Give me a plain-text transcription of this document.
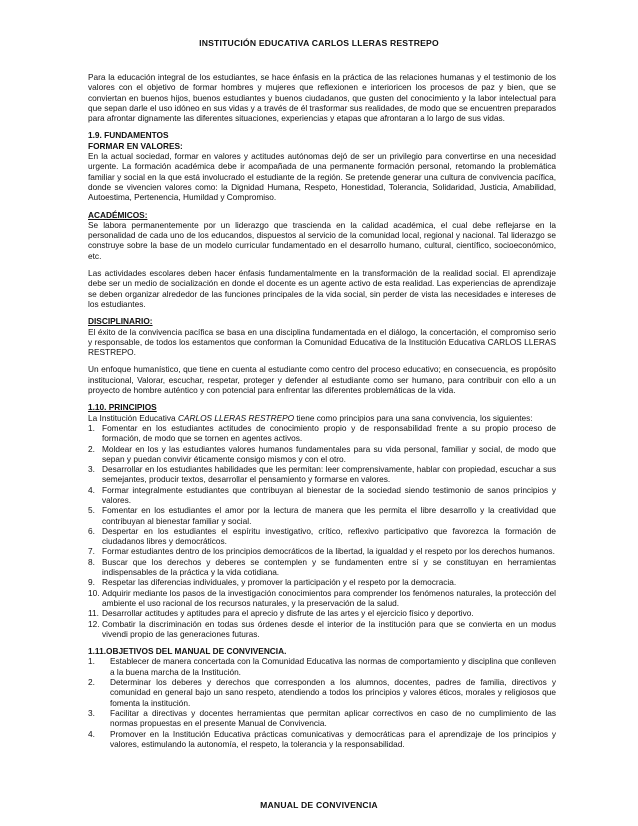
INSTITUCIÓN EDUCATIVA CARLOS LLERAS RESTREPO

Para la educación integral de los estudiantes, se hace énfasis en la práctica de las relaciones humanas y el testimonio de los valores con el objetivo de formar hombres y mujeres que reflexionen e interioricen los procesos de paz y bien, que se conviertan en buenos hijos, buenos estudiantes y buenos ciudadanos, que gusten del conocimiento y la labor intelectual para que sepan darle el uso idóneo en sus vidas y a través de él trasformar sus realidades, de modo que se encuentren preparados para afrontar dignamente las diferentes situaciones, experiencias y etapas que afrontaran a lo largo de sus vidas.

1.9. FUNDAMENTOS
FORMAR EN VALORES:

En la actual sociedad, formar en valores y actitudes autónomas dejó de ser un privilegio para convertirse en una necesidad urgente. La formación académica debe ir acompañada de una permanente formación personal, retomando la problemática familiar y social en la que está involucrado el estudiante de la región. Se pretende generar una cultura de convivencia pacífica, donde se vivencien valores como: la Dignidad Humana, Respeto, Honestidad, Tolerancia, Solidaridad, Justicia, Amabilidad, Autoestima, Pertenencia, Humildad y Compromiso.

ACADÉMICOS:

Se labora permanentemente por un liderazgo que trascienda en la calidad académica, el cual debe reflejarse en la personalidad de cada uno de los educandos, dispuestos al servicio de la comunidad local, regional y nacional. Tal liderazgo se construye sobre la base de un modelo curricular fundamentado en el desarrollo humano, cultural, científico, socioeconómico, etc.

Las actividades escolares deben hacer énfasis fundamentalmente en la transformación de la realidad social. El aprendizaje debe ser un medio de socialización en donde el docente es un agente activo de esta realidad. Las experiencias de aprendizaje se deben organizar alrededor de las funciones principales de la vida social, sin perder de vista las necesidades e intereses de los estudiantes.

DISCIPLINARIO:

El éxito de la convivencia pacífica se basa en una disciplina fundamentada en el diálogo, la concertación, el compromiso serio y responsable, de todos los estamentos que conforman la Comunidad Educativa de la Institución Educativa CARLOS LLERAS RESTREPO.

Un enfoque humanístico, que tiene en cuenta al estudiante como centro del proceso educativo; en consecuencia, es propósito institucional, Valorar, escuchar, respetar, proteger y defender al estudiante como ser humano, para contribuir con ello a un proyecto de hombre auténtico y con potencial para enfrentar las diferentes problemáticas de la vida.

1.10. PRINCIPIOS
La Institución Educativa CARLOS LLERAS RESTREPO tiene como principios para una sana convivencia, los siguientes:
1. Fomentar en los estudiantes actitudes de conocimiento propio y de responsabilidad frente a su propio proceso de formación, de modo que se tornen en agentes activos.
2. Moldear en los y las estudiantes valores humanos fundamentales para su vida personal, familiar y social, de modo que sepan y puedan convivir éticamente consigo mismos y con el otro.
3. Desarrollar en los estudiantes habilidades que les permitan: leer comprensivamente, hablar con propiedad, escuchar a sus semejantes, producir textos, desarrollar el pensamiento y formarse en valores.
4. Formar integralmente estudiantes que contribuyan al bienestar de la sociedad siendo testimonio de sanos principios y valores.
5. Fomentar en los estudiantes el amor por la lectura de manera que les permita el libre desarrollo y la creatividad que contribuyan al bienestar familiar y social.
6. Despertar en los estudiantes el espíritu investigativo, crítico, reflexivo participativo que favorezca la formación de ciudadanos libres y democráticos.
7. Formar estudiantes dentro de los principios democráticos de la libertad, la igualdad y el respeto por los derechos humanos.
8. Buscar que los derechos y deberes se contemplen y se fundamenten entre sí y se constituyan en herramientas indispensables de la práctica y la vida cotidiana.
9. Respetar las diferencias individuales, y promover la participación y el respeto por la democracia.
10. Adquirir mediante los pasos de la investigación conocimientos para comprender los fenómenos naturales, la protección del ambiente el uso racional de los recursos naturales, y la preservación de la salud.
11. Desarrollar actitudes y aptitudes para el aprecio y disfrute de las artes y el ejercicio físico y deportivo.
12. Combatir la discriminación en todas sus órdenes desde el interior de la institución para que se convierta en un modus vivendi propio de las generaciones futuras.
1.11.OBJETIVOS DEL MANUAL DE CONVIVENCIA.
1. Establecer de manera concertada con la Comunidad Educativa las normas de comportamiento y disciplina que conlleven a la buena marcha de la Institución.
2. Determinar los deberes y derechos que corresponden a los alumnos, docentes, padres de familia, directivos y comunidad en general bajo un sano respeto, atendiendo a todos los principios y valores éticos, morales y religiosos que fomenta la institución.
3. Facilitar a directivas y docentes herramientas que permitan aplicar correctivos en caso de no cumplimiento de las normas propuestas en el presente Manual de Convivencia.
4. Promover en la Institución Educativa prácticas comunicativas y democráticas para el aprendizaje de los principios y valores, estimulando la autonomía, el respeto, la tolerancia y la responsabilidad.
MANUAL DE CONVIVENCIA
